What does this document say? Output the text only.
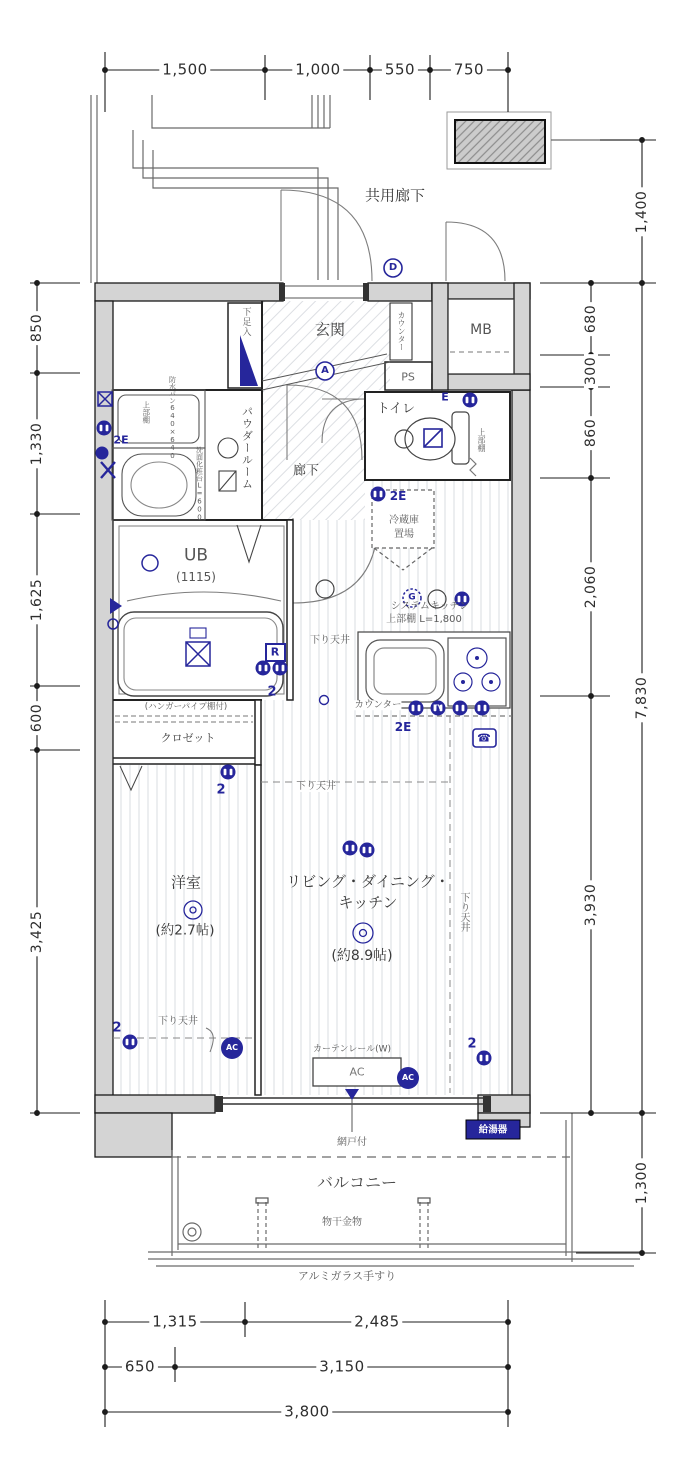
1,500	1,000	550	750
850
1,330
1,625
600
3,425
680
300
860
2,060
3,930
1,400
7,830
1,300
1,315	2,485
650	3,150
3,800
共用廊下
玄関
下足入	カウンター	MB
PS
トイレ
上部棚
パウダールーム
上部棚	防水パン640×640
洗面化粧台L=600	廊下
UB
(1115)
冷蔵庫
置場
システムキッチン
上部棚 L=1,800
カウンター
下り天井
下り天井
下り天井
下り天井
(ハンガーパイプ棚付)
クロゼット
洋室
(約2.7帖)
リビング・ダイニング・
キッチン
(約8.9帖)
カーテンレール(W)
AC
網戸付
給湯器
バルコニー
物干金物
アルミガラス手すり
D
A
E
R
G
2E
2E
2E
2
2
2
2
AC
AC
TV
☎
